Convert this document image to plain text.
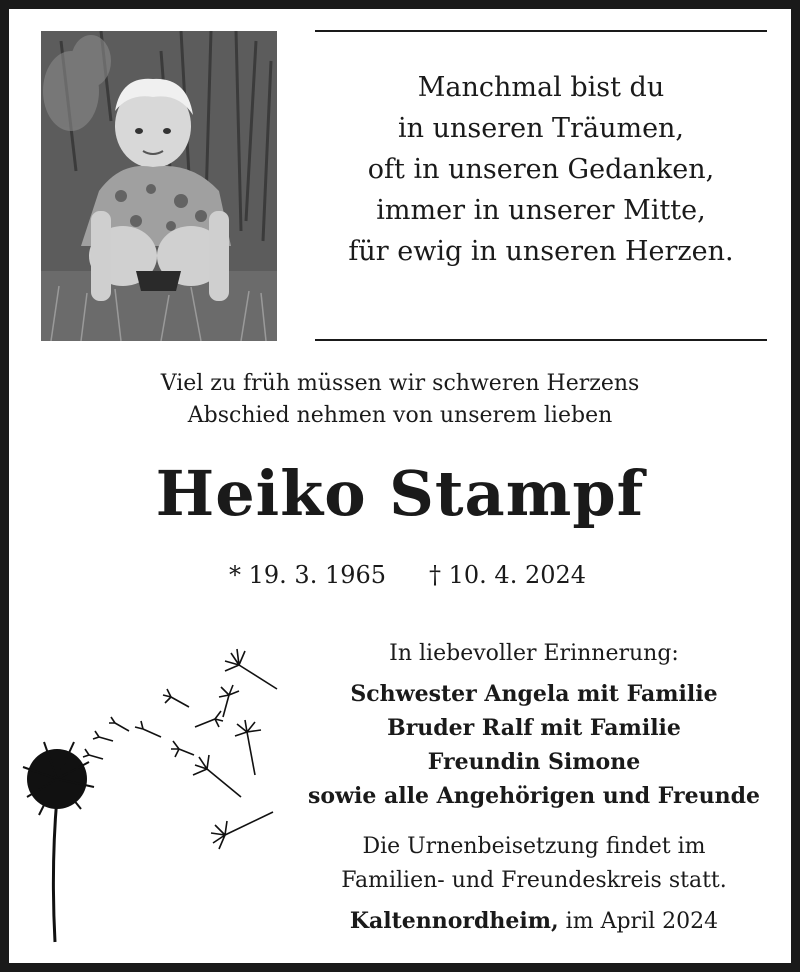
Manchmal bist du
in unseren Träumen,
oft in unseren Gedanken,
immer in unserer Mitte,
für ewig in unseren Herzen.
Viel zu früh müssen wir schweren Herzens
Abschied nehmen von unserem lieben
Heiko Stampf
* 19. 3. 1965 † 10. 4. 2024
In liebevoller Erinnerung:
Schwester Angela mit Familie
Bruder Ralf mit Familie
Freundin Simone
sowie alle Angehörigen und Freunde
Die Urnenbeisetzung findet im
Familien- und Freundeskreis statt.
Kaltennordheim, im April 2024
